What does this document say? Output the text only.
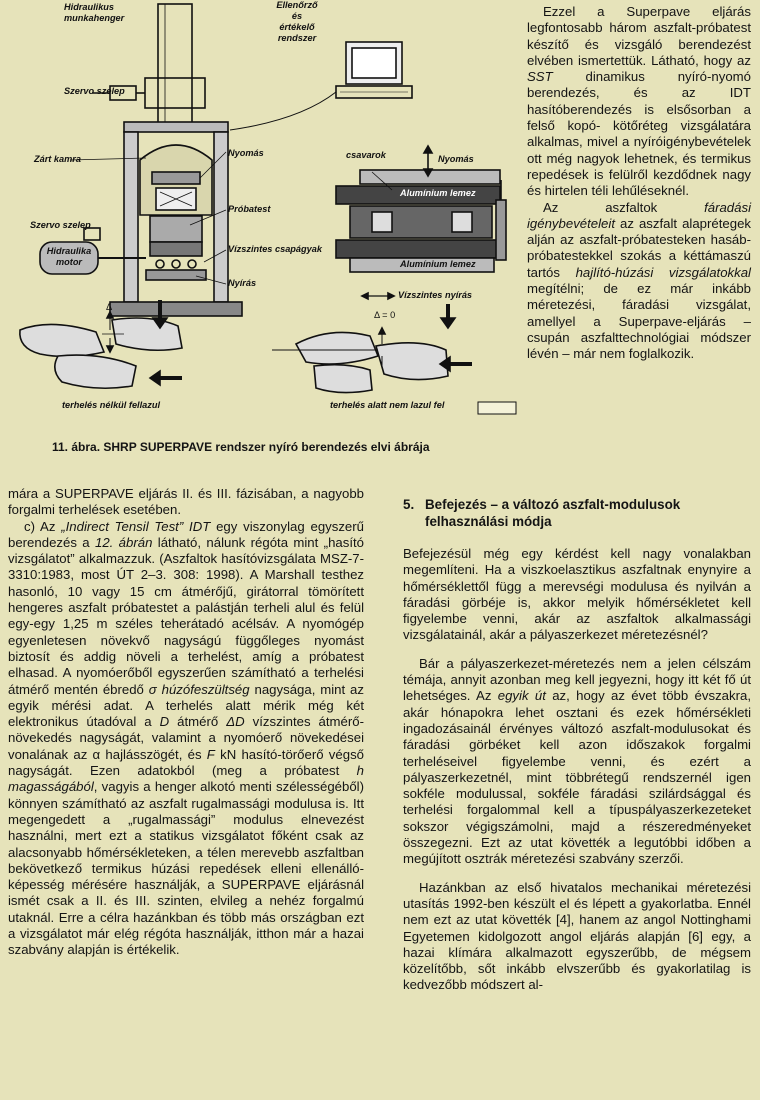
Hidraulikus
munkahenger
Szervo szelep
Ellenőrző
és
értékelő
rendszer
Zárt kamra
Nyomás
Próbatest
Szervo szelep
Hidraulika
motor
Vízszintes csapágyak
Nyírás
csavarok	Nyomás
Alumínium lemez
Alumínium lemez
Vízszintes nyírás
Δ
Δ = 0
terhelés nélkül fellazul	terhelés alatt nem lazul fel
11. ábra. SHRP SUPERPAVE rendszer nyíró berendezés elvi ábrája

Ezzel a Superpave eljárás legfontosabb három aszfalt-próbatest készítő és vizsgáló berendezést elvében ismertettük. Látható, hogy az SST dinamikus nyíró-nyomó berendezés, és az IDT hasítóberendezés is elsősorban a felső kopó- kötőréteg vizsgálatára alkalmas, mivel a nyíróigénybevételek ott még nagyok lehetnek, és termikus repedések is felülről kezdődnek nagy és hirtelen téli lehűléseknél.

Az aszfaltok fáradási igénybevételeit az aszfalt alaprétegek alján az aszfalt-próbatesteken hasáb-próbatestekkel szokás a kéttámaszú tartós hajlító-húzási vizsgálatokkal megítélni; de ez már inkább méretezési, fáradási vizsgálat, amellyel a Superpave-eljárás – csupán aszfalttechnológiai módszer lévén – már nem foglalkozik.

mára a SUPERPAVE eljárás II. és III. fázisában, a nagyobb forgalmi terhelések esetében.

c) Az „Indirect Tensil Test” IDT egy viszonylag egyszerű berendezés a 12. ábrán látható, nálunk régóta mint „hasító vizsgálatot” alkalmazzuk. (Aszfaltok hasítóvizsgálata MSZ-7-3310:1983, most ÚT 2–3. 308: 1998). A Marshall testhez hasonló, 10 vagy 15 cm átmérőjű, girátorral tömörített hengeres aszfalt próbatestet a palástján terheli alul és felül egy-egy 1,25 m széles teherátadó acélsáv. A nyomógép egyenletesen növekvő nagyságú függőleges nyomást biztosít és addig növeli a terhelést, amíg a próbatest elhasad. A nyomóerőből egyszerűen számítható a terhelési átmérő mentén ébredő σ húzófeszültség nagysága, mint az egyik mérési adat. A terhelés alatt mérik még két elektronikus útadóval a D átmérő ΔD vízszintes átmérő-növekedés nagyságát, valamint a nyomóerő növekedései vonalának az α hajlásszögét, és F kN hasító-törőerő végső nagyságát. Ezen adatokból (meg a próbatest h magasságából, vagyis a henger alkotó menti szélességéből) könnyen számítható az aszfalt rugalmassági modulusa is. Itt megengedett a „rugalmassági” modulus elnevezést használni, mert ezt a statikus vizsgálatot főként csak az alacsonyabb hőmérsékleteken, a télen merevebb aszfaltban bekövetkező termikus húzási repedések elleni ellenálló-képesség mérésére használják, a SUPERPAVE eljárásnál ismét csak a II. és III. szinten, elvileg a nehéz forgalmú utaknál. Erre a célra hazánkban és több más országban ezt a vizsgálatot már elég régóta használják, itthon már a hazai szabvány alapján is értékelik.

5. Befejezés – a változó aszfalt-modulusok felhasználási módja

Befejezésül még egy kérdést kell nagy vonalakban megemlíteni. Ha a viszkoelasztikus aszfaltnak enynyire a hőmérséklettől függ a merevségi modulusa és nyilván a fáradási görbéje is, akkor melyik hőmérsékletet kell figyelembe venni, akár az aszfaltok alkalmassági vizsgálatainál, akár a pályaszerkezet méretezésnél?

Bár a pályaszerkezet-méretezés nem a jelen célszám témája, annyit azonban meg kell jegyezni, hogy itt két fő út lehetséges. Az egyik út az, hogy az évet több évszakra, akár hónapokra lehet osztani és ezek hőmérsékleti ingadozásainál érvényes változó aszfalt-modulusokat és fáradási görbéket kell azon időszakok forgalmi terheléseivel figyelembe venni, és ezért a pályaszerkezetnél, mint többrétegű rendszernél igen sokféle modulussal, sokféle fáradási szilárdsággal és terhelési forgalommal kell a típuspályaszerkezeteket sokszor végigszámolni, majd a részeredményeket összegezni. Ezt az utat követték a legutóbbi időben a megújított osztrák méretezési szabvány szerzői.

Hazánkban az első hivatalos mechanikai méretezési utasítás 1992-ben készült el és lépett a gyakorlatba. Ennél nem ezt az utat követték [4], hanem az angol Nottinghami Egyetemen kidolgozott angol eljárás alapján [6] egy, a hazai klímára alkalmazott egyszerűbb, de mégsem közelítőbb, sőt inkább elvszerűbb és gyakorlatilag is kedvezőbb módszert al-
